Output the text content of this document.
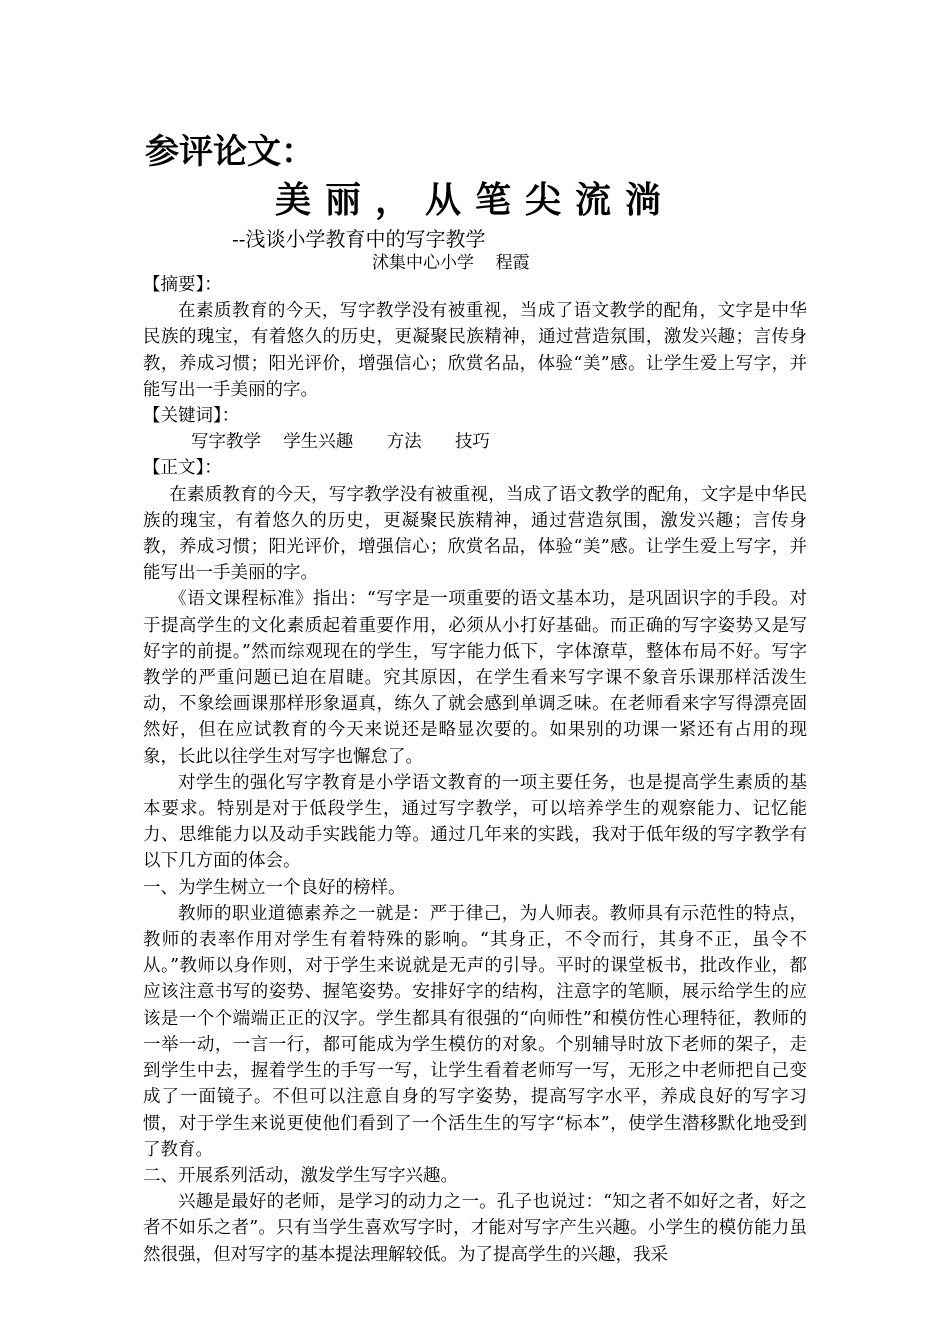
参评论文：
美丽，从笔尖流淌
--浅谈小学教育中的写字教学
沭集中心小学    程霞

【摘要】：

在素质教育的今天，写字教学没有被重视，当成了语文教学的配角，文字是中华民族的瑰宝，有着悠久的历史，更凝聚民族精神，通过营造氛围，激发兴趣；言传身教，养成习惯；阳光评价，增强信心；欣赏名品，体验“美”感。让学生爱上写字，并能写出一手美丽的字。

【关键词】：

写字教学    学生兴趣      方法      技巧

【正文】：

在素质教育的今天，写字教学没有被重视，当成了语文教学的配角，文字是中华民族的瑰宝，有着悠久的历史，更凝聚民族精神，通过营造氛围，激发兴趣；言传身教，养成习惯；阳光评价，增强信心；欣赏名品，体验“美”感。让学生爱上写字，并能写出一手美丽的字。

《语文课程标准》指出：“写字是一项重要的语文基本功，是巩固识字的手段。对于提高学生的文化素质起着重要作用，必须从小打好基础。而正确的写字姿势又是写好字的前提。”然而综观现在的学生，写字能力低下，字体潦草，整体布局不好。写字教学的严重问题已迫在眉睫。究其原因，在学生看来写字课不象音乐课那样活泼生动，不象绘画课那样形象逼真，练久了就会感到单调乏味。在老师看来字写得漂亮固然好，但在应试教育的今天来说还是略显次要的。如果别的功课一紧还有占用的现象，长此以往学生对写字也懈怠了。

对学生的强化写字教育是小学语文教育的一项主要任务，也是提高学生素质的基本要求。特别是对于低段学生，通过写字教学，可以培养学生的观察能力、记忆能力、思维能力以及动手实践能力等。通过几年来的实践，我对于低年级的写字教学有以下几方面的体会。

一、为学生树立一个良好的榜样。

教师的职业道德素养之一就是：严于律己，为人师表。教师具有示范性的特点，教师的表率作用对学生有着特殊的影响。“其身正，不令而行，其身不正，虽令不从。”教师以身作则，对于学生来说就是无声的引导。平时的课堂板书，批改作业，都应该注意书写的姿势、握笔姿势。安排好字的结构，注意字的笔顺，展示给学生的应该是一个个端端正正的汉字。学生都具有很强的“向师性”和模仿性心理特征，教师的一举一动，一言一行，都可能成为学生模仿的对象。个别辅导时放下老师的架子，走到学生中去，握着学生的手写一写，让学生看着老师写一写，无形之中老师把自己变成了一面镜子。不但可以注意自身的写字姿势，提高写字水平，养成良好的写字习惯，对于学生来说更使他们看到了一个活生生的写字“标本”，使学生潜移默化地受到了教育。

二、开展系列活动，激发学生写字兴趣。

兴趣是最好的老师，是学习的动力之一。孔子也说过：“知之者不如好之者，好之者不如乐之者”。只有当学生喜欢写字时，才能对写字产生兴趣。小学生的模仿能力虽然很强，但对写字的基本提法理解较低。为了提高学生的兴趣，我采
